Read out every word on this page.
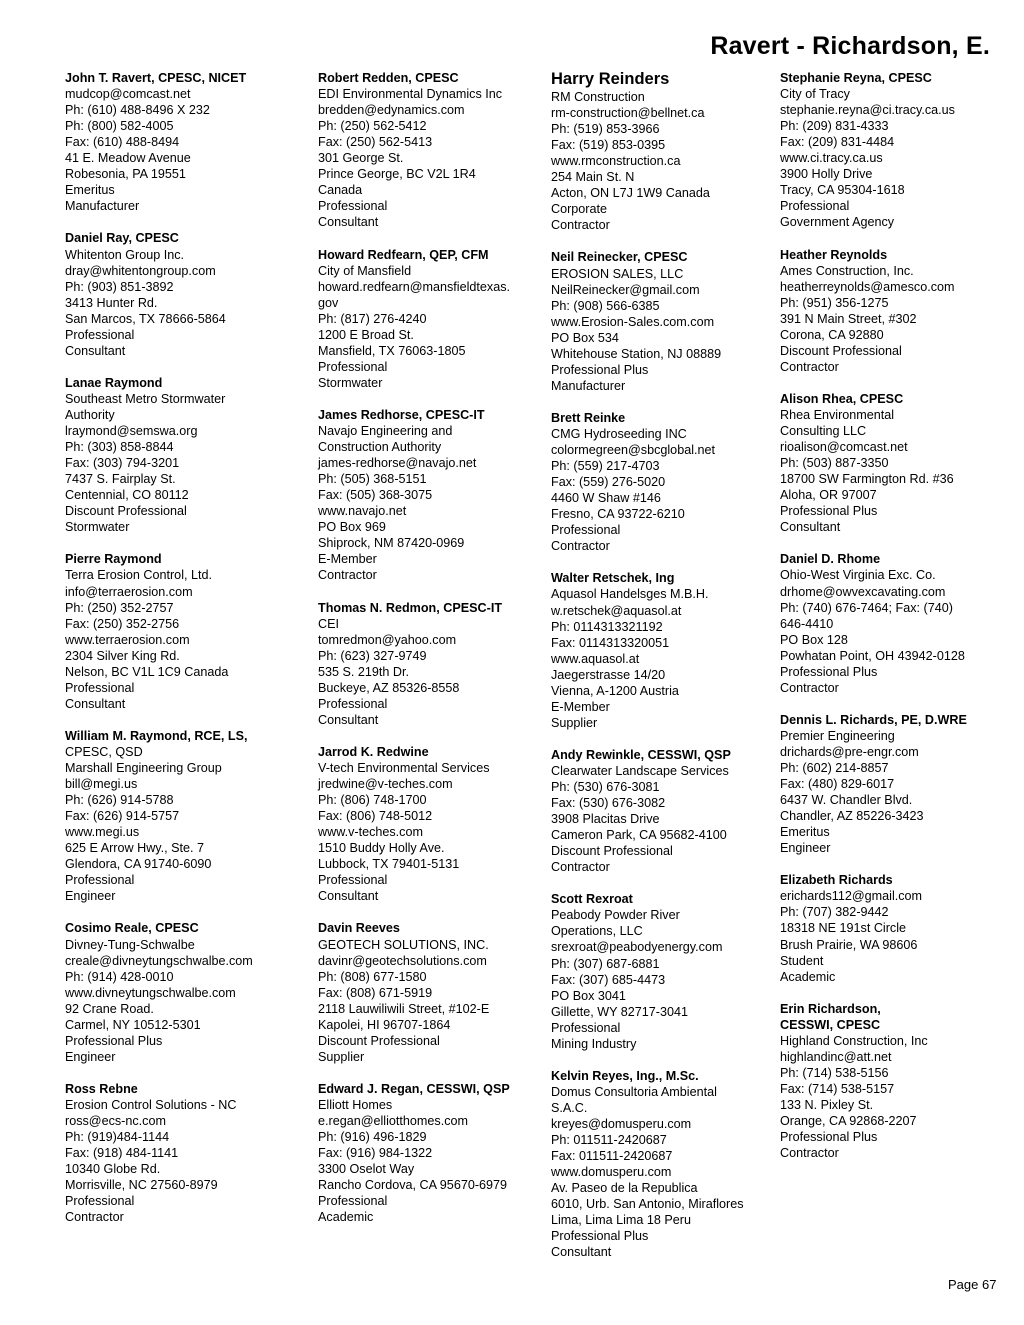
Ravert - Richardson, E.
John T. Ravert, CPESC, NICET
mudcop@comcast.net
Ph: (610) 488-8496 X 232
Ph: (800) 582-4005
Fax: (610) 488-8494
41 E. Meadow Avenue
Robesonia, PA 19551
Emeritus
Manufacturer
Daniel Ray, CPESC
Whitenton Group Inc.
dray@whitentongroup.com
Ph: (903) 851-3892
3413 Hunter Rd.
San Marcos, TX 78666-5864
Professional
Consultant
Lanae Raymond
Southeast Metro Stormwater
Authority
lraymond@semswa.org
Ph: (303) 858-8844
Fax: (303) 794-3201
7437 S. Fairplay St.
Centennial, CO 80112
Discount Professional
Stormwater
Pierre Raymond
Terra Erosion Control, Ltd.
info@terraerosion.com
Ph: (250) 352-2757
Fax: (250) 352-2756
www.terraerosion.com
2304 Silver King Rd.
Nelson, BC V1L 1C9 Canada
Professional
Consultant
William M. Raymond, RCE, LS,
CPESC, QSD
Marshall Engineering Group
bill@megi.us
Ph: (626) 914-5788
Fax: (626) 914-5757
www.megi.us
625 E Arrow Hwy., Ste. 7
Glendora, CA 91740-6090
Professional
Engineer
Cosimo Reale, CPESC
Divney-Tung-Schwalbe
creale@divneytungschwalbe.com
Ph: (914) 428-0010
www.divneytungschwalbe.com
92 Crane Road.
Carmel, NY 10512-5301
Professional Plus
Engineer
Ross Rebne
Erosion Control Solutions - NC
ross@ecs-nc.com
Ph: (919)484-1144
Fax: (918) 484-1141
10340 Globe Rd.
Morrisville, NC 27560-8979
Professional
Contractor
Robert Redden, CPESC
EDI Environmental Dynamics Inc
bredden@edynamics.com
Ph: (250) 562-5412
Fax: (250) 562-5413
301 George St.
Prince George, BC V2L 1R4
Canada
Professional
Consultant
Howard Redfearn, QEP, CFM
City of Mansfield
howard.redfearn@mansfieldtexas.
gov
Ph: (817) 276-4240
1200 E Broad St.
Mansfield, TX 76063-1805
Professional
Stormwater
James Redhorse, CPESC-IT
Navajo Engineering and
Construction Authority
james-redhorse@navajo.net
Ph: (505) 368-5151
Fax: (505) 368-3075
www.navajo.net
PO Box 969
Shiprock, NM 87420-0969
E-Member
Contractor
Thomas N. Redmon, CPESC-IT
CEI
tomredmon@yahoo.com
Ph: (623) 327-9749
535 S. 219th Dr.
Buckeye, AZ 85326-8558
Professional
Consultant
Jarrod K. Redwine
V-tech Environmental Services
jredwine@v-teches.com
Ph: (806) 748-1700
Fax: (806) 748-5012
www.v-teches.com
1510 Buddy Holly Ave.
Lubbock, TX 79401-5131
Professional
Consultant
Davin Reeves
GEOTECH SOLUTIONS, INC.
davinr@geotechsolutions.com
Ph: (808) 677-1580
Fax: (808) 671-5919
2118 Lauwiliwili Street, #102-E
Kapolei, HI 96707-1864
Discount Professional
Supplier
Edward J. Regan, CESSWI, QSP
Elliott Homes
e.regan@elliotthomes.com
Ph: (916) 496-1829
Fax: (916) 984-1322
3300 Oselot Way
Rancho Cordova, CA 95670-6979
Professional
Academic
Harry Reinders
RM Construction
rm-construction@bellnet.ca
Ph: (519) 853-3966
Fax: (519) 853-0395
www.rmconstruction.ca
254 Main St. N
Acton, ON L7J 1W9 Canada
Corporate
Contractor
Neil Reinecker, CPESC
EROSION SALES, LLC
NeilReinecker@gmail.com
Ph: (908) 566-6385
www.Erosion-Sales.com.com
PO Box 534
Whitehouse Station, NJ 08889
Professional Plus
Manufacturer
Brett Reinke
CMG Hydroseeding INC
colormegreen@sbcglobal.net
Ph: (559) 217-4703
Fax: (559) 276-5020
4460 W Shaw #146
Fresno, CA 93722-6210
Professional
Contractor
Walter Retschek, Ing
Aquasol Handelsges M.B.H.
w.retschek@aquasol.at
Ph: 0114313321192
Fax: 0114313320051
www.aquasol.at
Jaegerstrasse 14/20
Vienna, A-1200 Austria
E-Member
Supplier
Andy Rewinkle, CESSWI, QSP
Clearwater Landscape Services
Ph: (530) 676-3081
Fax: (530) 676-3082
3908 Placitas Drive
Cameron Park, CA 95682-4100
Discount Professional
Contractor
Scott Rexroat
Peabody Powder River
Operations, LLC
srexroat@peabodyenergy.com
Ph: (307) 687-6881
Fax: (307) 685-4473
PO Box 3041
Gillette, WY 82717-3041
Professional
Mining Industry
Kelvin Reyes, Ing., M.Sc.
Domus Consultoria Ambiental
S.A.C.
kreyes@domusperu.com
Ph: 011511-2420687
Fax: 011511-2420687
www.domusperu.com
Av. Paseo de la Republica
6010, Urb. San Antonio, Miraflores
Lima, Lima Lima 18 Peru
Professional Plus
Consultant
Stephanie Reyna, CPESC
City of Tracy
stephanie.reyna@ci.tracy.ca.us
Ph: (209) 831-4333
Fax: (209) 831-4484
www.ci.tracy.ca.us
3900 Holly Drive
Tracy, CA 95304-1618
Professional
Government Agency
Heather Reynolds
Ames Construction, Inc.
heatherreynolds@amesco.com
Ph: (951) 356-1275
391 N Main Street, #302
Corona, CA 92880
Discount Professional
Contractor
Alison Rhea, CPESC
Rhea Environmental
Consulting LLC
rioalison@comcast.net
Ph: (503) 887-3350
18700 SW Farmington Rd. #36
Aloha, OR 97007
Professional Plus
Consultant
Daniel D. Rhome
Ohio-West Virginia Exc. Co.
drhome@owvexcavating.com
Ph: (740) 676-7464; Fax: (740)
646-4410
PO Box 128
Powhatan Point, OH 43942-0128
Professional Plus
Contractor
Dennis L. Richards, PE, D.WRE
Premier Engineering
drichards@pre-engr.com
Ph: (602) 214-8857
Fax: (480) 829-6017
6437 W. Chandler Blvd.
Chandler, AZ 85226-3423
Emeritus
Engineer
Elizabeth Richards
erichards112@gmail.com
Ph: (707) 382-9442
18318 NE 191st Circle
Brush Prairie, WA 98606
Student
Academic
Erin Richardson,
CESSWI, CPESC
Highland Construction, Inc
highlandinc@att.net
Ph: (714) 538-5156
Fax: (714) 538-5157
133 N. Pixley St.
Orange, CA 92868-2207
Professional Plus
Contractor
Page 67
